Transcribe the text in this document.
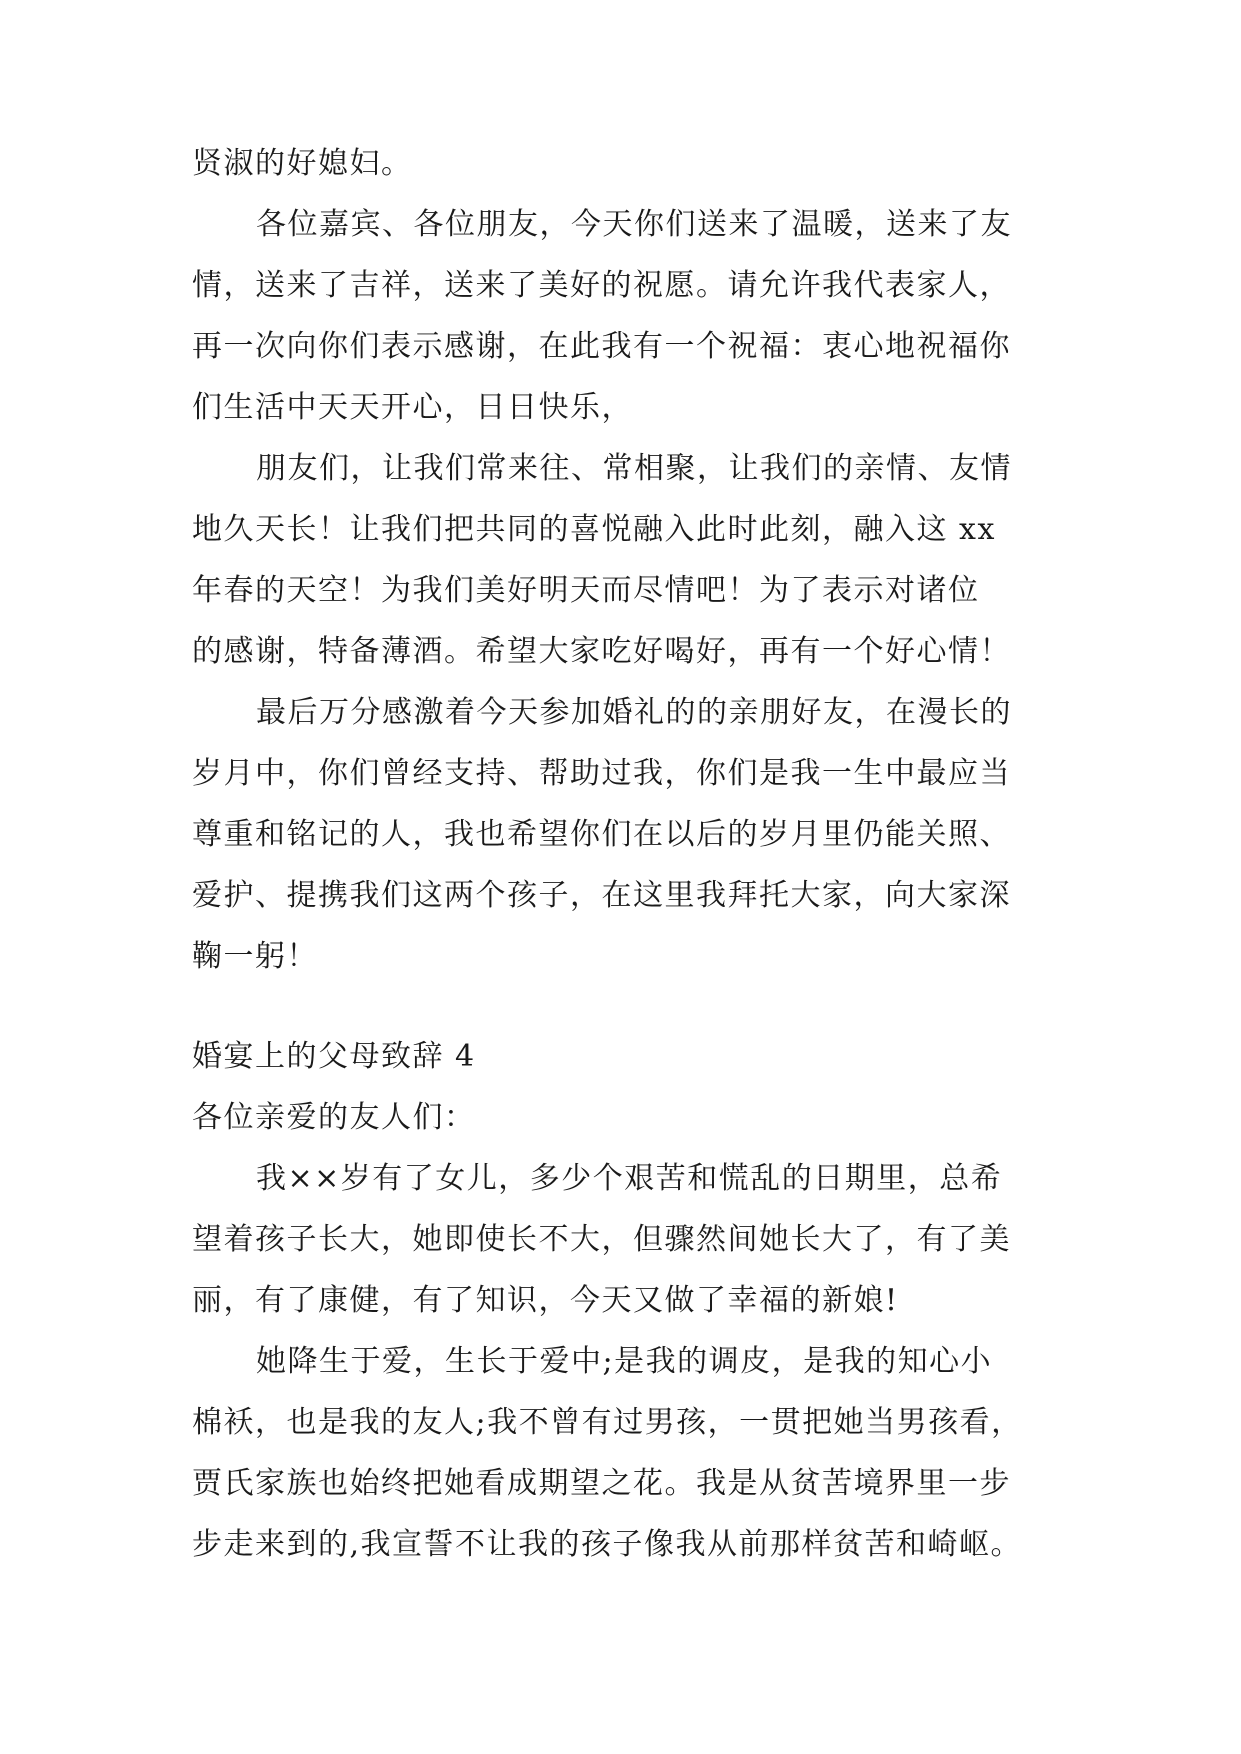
贤淑的好媳妇。
各位嘉宾、各位朋友，今天你们送来了温暖，送来了友
情，送来了吉祥，送来了美好的祝愿。请允许我代表家人，
再一次向你们表示感谢，在此我有一个祝福：衷心地祝福你
们生活中天天开心，日日快乐，
朋友们，让我们常来往、常相聚，让我们的亲情、友情
地久天长！让我们把共同的喜悦融入此时此刻，融入这 xx
年春的天空！为我们美好明天而尽情吧！为了表示对诸位
的感谢，特备薄酒。希望大家吃好喝好，再有一个好心情！
最后万分感激着今天参加婚礼的的亲朋好友，在漫长的
岁月中，你们曾经支持、帮助过我，你们是我一生中最应当
尊重和铭记的人，我也希望你们在以后的岁月里仍能关照、
爱护、提携我们这两个孩子，在这里我拜托大家，向大家深
鞠一躬！
婚宴上的父母致辞 4
各位亲爱的友人们：
我××岁有了女儿，多少个艰苦和慌乱的日期里，总希
望着孩子长大，她即使长不大，但骤然间她长大了，有了美
丽，有了康健，有了知识，今天又做了幸福的新娘!
她降生于爱，生长于爱中;是我的调皮，是我的知心小
棉袄，也是我的友人;我不曾有过男孩，一贯把她当男孩看，
贾氏家族也始终把她看成期望之花。我是从贫苦境界里一步
步走来到的,我宣誓不让我的孩子像我从前那样贫苦和崎岖。
